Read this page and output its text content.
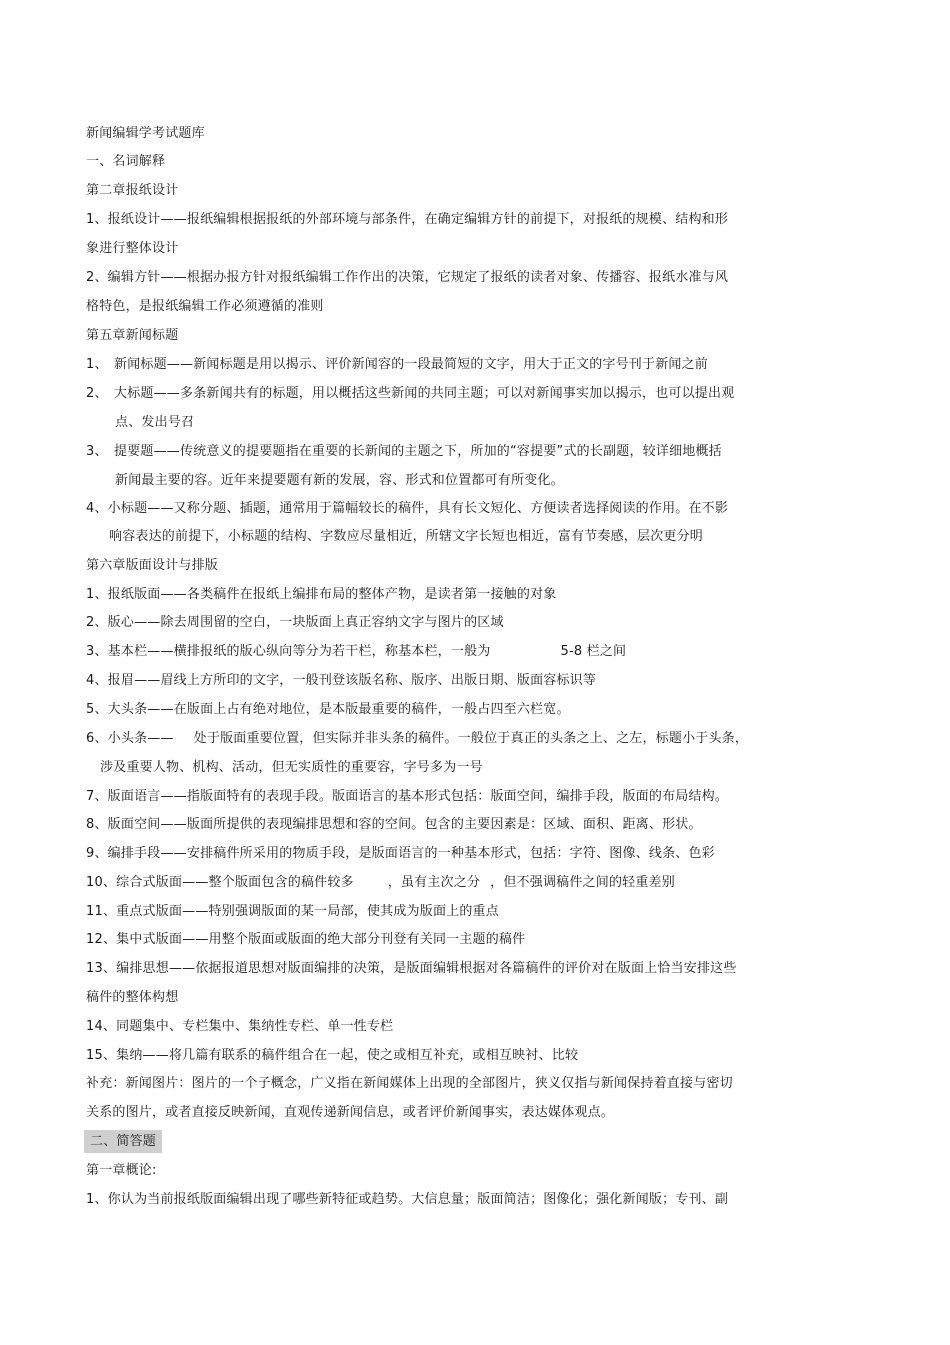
新闻编辑学考试题库
一、名词解释
第二章报纸设计
1、报纸设计——报纸编辑根据报纸的外部环境与部条件，在确定编辑方针的前提下，对报纸的规模、结构和形
象进行整体设计
2、编辑方针——根据办报方针对报纸编辑工作作出的决策，它规定了报纸的读者对象、传播容、报纸水准与风
格特色，是报纸编辑工作必须遵循的准则
第五章新闻标题
1、 新闻标题——新闻标题是用以揭示、评价新闻容的一段最简短的文字，用大于正文的字号刊于新闻之前
2、 大标题——多条新闻共有的标题，用以概括这些新闻的共同主题；可以对新闻事实加以揭示，也可以提出观
点、发出号召
3、 提要题——传统意义的提要题指在重要的长新闻的主题之下，所加的“容提要”式的长副题，较详细地概括
新闻最主要的容。近年来提要题有新的发展，容、形式和位置都可有所变化。
4、小标题——又称分题、插题，通常用于篇幅较长的稿件，具有长文短化、方便读者选择阅读的作用。在不影
响容表达的前提下，小标题的结构、字数应尽量相近，所辖文字长短也相近，富有节奏感，层次更分明
第六章版面设计与排版
1、报纸版面——各类稿件在报纸上编排布局的整体产物，是读者第一接触的对象
2、版心——除去周围留的空白，一块版面上真正容纳文字与图片的区域
3、基本栏——横排报纸的版心纵向等分为若干栏，称基本栏，一般为	5-8 栏之间
4、报眉——眉线上方所印的文字，一般刊登该版名称、版序、出版日期、版面容标识等
5、大头条——在版面上占有绝对地位，是本版最重要的稿件，一般占四至六栏宽。
6、小头条—— 处于版面重要位置，但实际并非头条的稿件。一般位于真正的头条之上、之左，标题小于头条，
涉及重要人物、机构、活动，但无实质性的重要容，字号多为一号
7、版面语言——指版面特有的表现手段。版面语言的基本形式包括：版面空间，编排手段，版面的布局结构。
8、版面空间——版面所提供的表现编排思想和容的空间。包含的主要因素是：区域、面积、距离、形状。
9、编排手段——安排稿件所采用的物质手段，是版面语言的一种基本形式，包括：字符、图像、线条、色彩
10、综合式版面——整个版面包含的稿件较多	，虽有主次之分 ，但不强调稿件之间的轻重差别
11、重点式版面——特别强调版面的某一局部，使其成为版面上的重点
12、集中式版面——用整个版面或版面的绝大部分刊登有关同一主题的稿件
13、编排思想——依据报道思想对版面编排的决策，是版面编辑根据对各篇稿件的评价对在版面上恰当安排这些
稿件的整体构想
14、同题集中、专栏集中、集纳性专栏、单一性专栏
15、集纳——将几篇有联系的稿件组合在一起，使之或相互补充，或相互映衬、比较
补充：新闻图片：图片的一个子概念，广义指在新闻媒体上出现的全部图片，狭义仅指与新闻保持着直接与密切
关系的图片，或者直接反映新闻，直观传递新闻信息，或者评价新闻事实，表达媒体观点。
二、简答题
第一章概论:
1、你认为当前报纸版面编辑出现了哪些新特征或趋势。大信息量；版面简洁；图像化；强化新闻版；专刊、副
